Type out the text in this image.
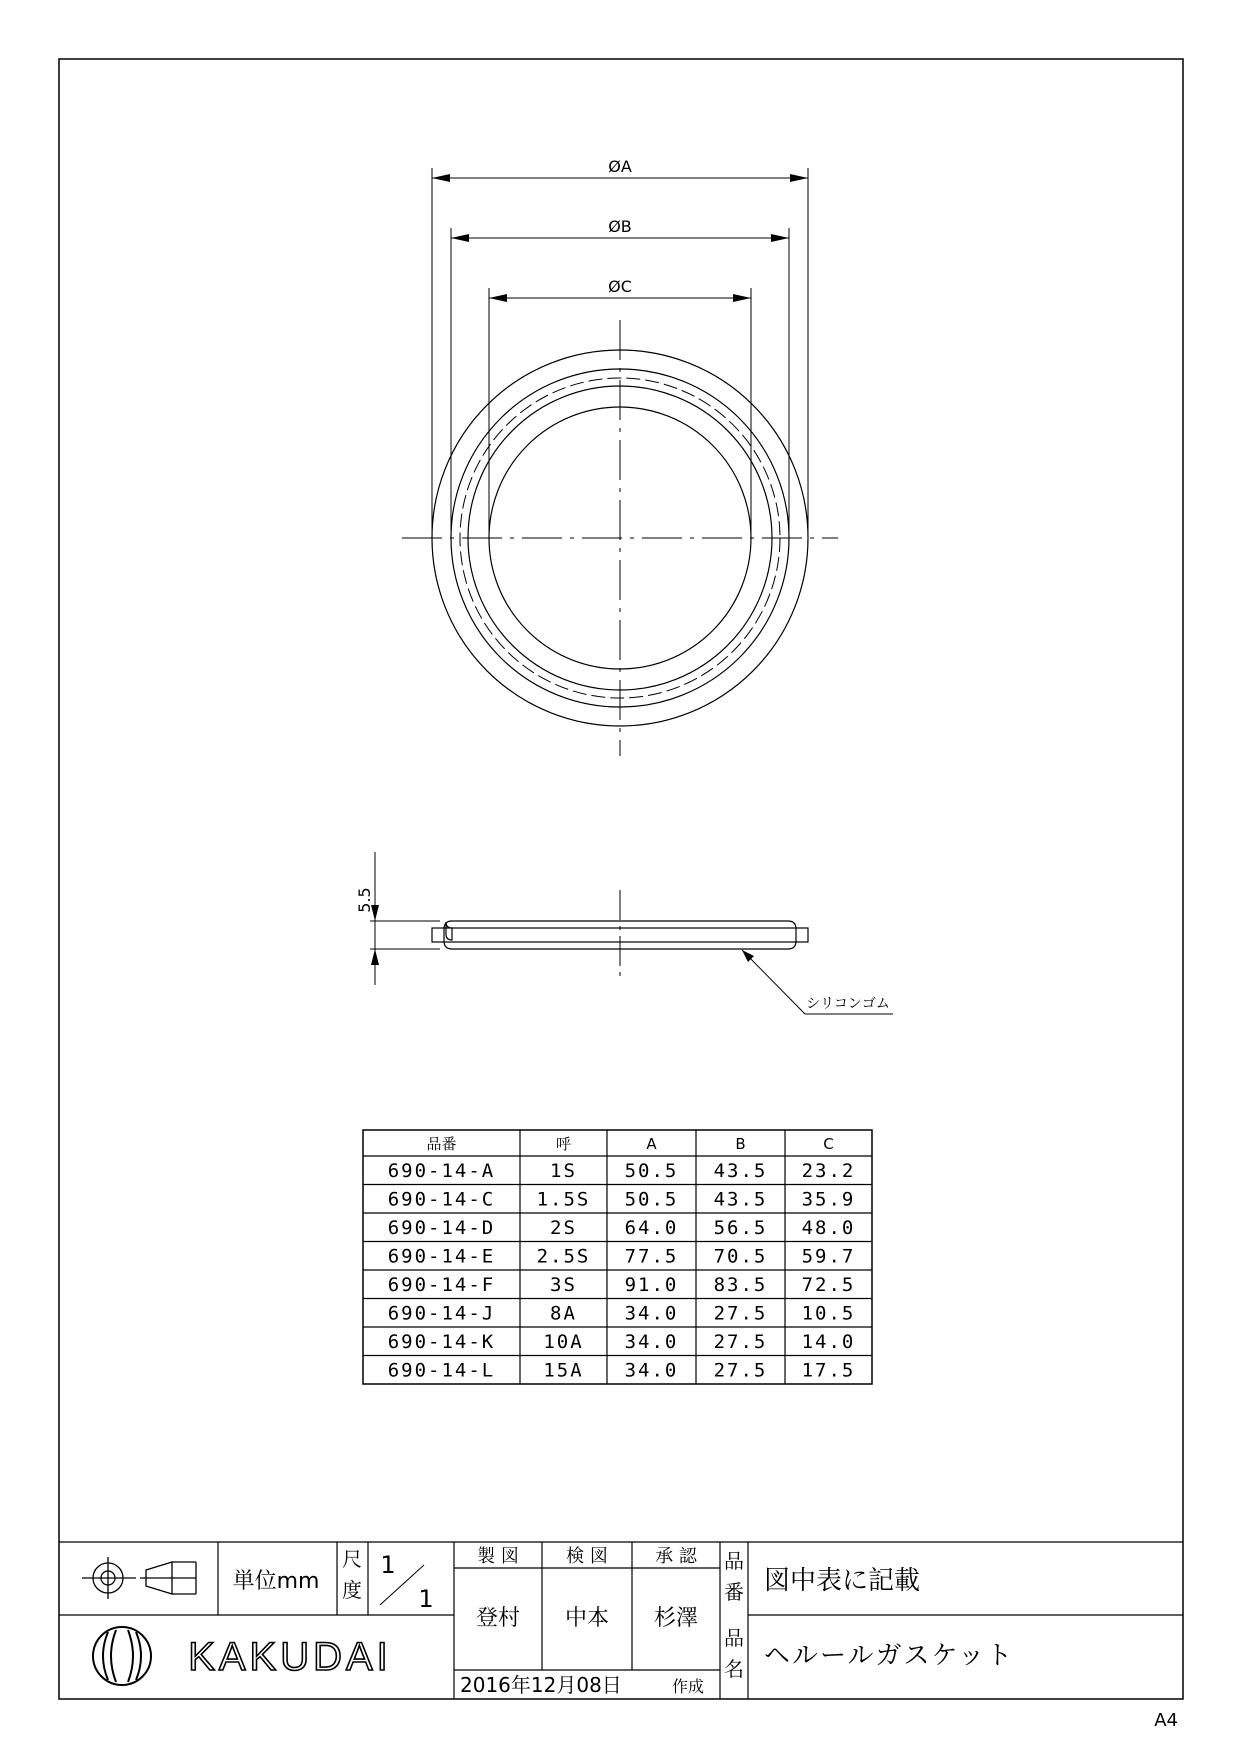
ØA
ØB
ØC
5.5
シリコンゴム
品番	呼	A	B	C
690-14-A	1S	50.5 43.5 23.2
690-14-C 1.5S 50.5 43.5 35.9
690-14-D	2S	64.0 56.5 48.0
690-14-E 2.5S 77.5 70.5 59.7
690-14-F	3S	91.0 83.5 72.5
690-14-J	8A	34.0 27.5 10.5
690-14-K	10A 34.0 27.5 14.0
690-14-L	15A 34.0 27.5 17.5
単位mm
尺
度
1
1
製 図	検 図	承 認
登村 中本 杉澤
品
番 図中表に記載
品
名 ヘルールガスケット
2016年12月08日	作成
KAKUDAI
A4
